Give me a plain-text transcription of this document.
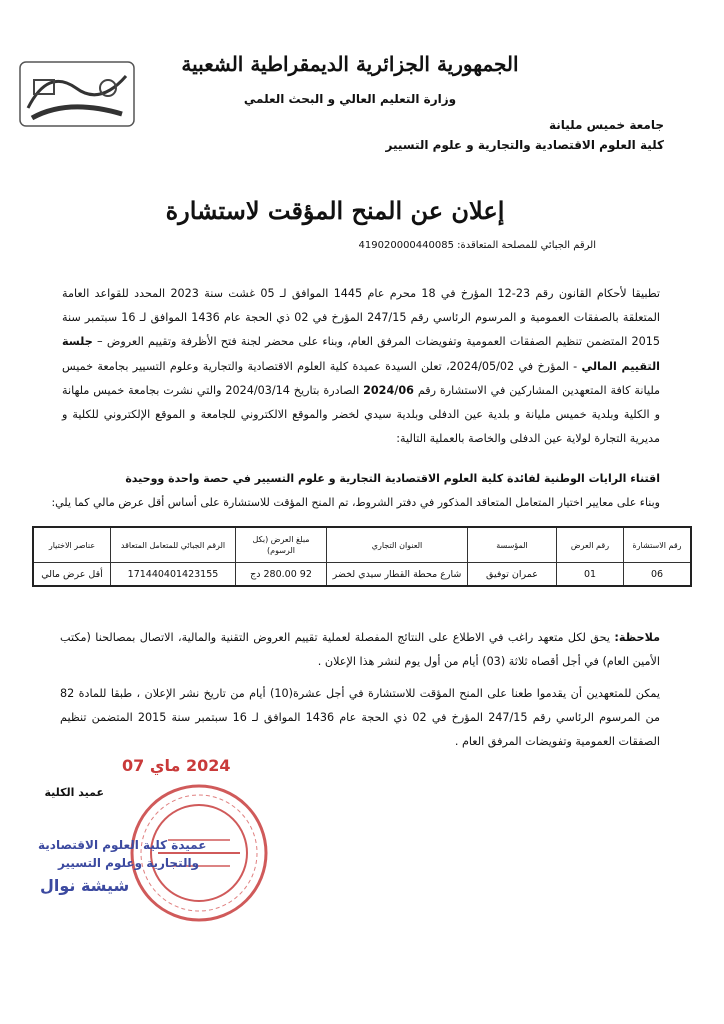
الجمهورية الجزائرية الديمقراطية الشعبية
وزارة التعليم العالي و البحث العلمي
جامعة خميس مليانة
كلية العلوم الاقتصادية والتجارية و علوم التسيير
إعلان عن المنح المؤقت لاستشارة
الرقم الجبائي للمصلحة المتعاقدة: 419020000440085
تطبيقا لأحكام القانون رقم 23-12 المؤرخ في 18 محرم عام 1445 الموافق لـ 05 غشت سنة 2023 المحدد للقواعد العامة المتعلقة بالصفقات العمومية و المرسوم الرئاسي رقم 247/15 المؤرخ في 02 ذي الحجة عام 1436 الموافق لـ 16 سبتمبر سنة 2015 المتضمن تنظيم الصفقات العمومية وتفويضات المرفق العام، وبناء على محضر لجنة فتح الأظرفة وتقييم العروض – جلسة التقييم المالي - المؤرخ في 2024/05/02، تعلن السيدة عميدة كلية العلوم الاقتصادية والتجارية وعلوم التسيير بجامعة خميس مليانة كافة المتعهدين المشاركين في الاستشارة رقم 2024/06 الصادرة بتاريخ 2024/03/14 والتي نشرت بجامعة خميس ملهانة و الكلية وبلدية خميس مليانة و بلدية عين الدفلى وبلدية سيدي لخضر والموقع الالكتروني للجامعة و الموقع الإلكتروني للكلية و مديرية التجارة لولاية عين الدفلى والخاصة بالعملية التالية:
اقتناء الرايات الوطنية لفائدة كلية العلوم الاقتصادية التجارية و علوم التسيير في حصة واحدة ووحيدة
وبناء على معايير اختيار المتعامل المتعاقد المذكور في دفتر الشروط، تم المنح المؤقت للاستشارة على أساس أقل عرض مالي كما يلي:
رقم الاستشارة	رقم العرض	المؤسسة	العنوان التجاري	مبلغ العرض (بكل الرسوم)	الرقم الجبائي للمتعامل المتعاقد	عناصر الاختيار
06	01	عمران توفيق	شارع محطة القطار سيدي لخضر	92 280.00 دج	171440401423155	أقل عرض مالي
ملاحظة: يحق لكل متعهد راغب في الاطلاع على النتائج المفصلة لعملية تقييم العروض التقنية والمالية، الاتصال بمصالحنا (مكتب الأمين العام) في أجل أقصاه ثلاثة (03) أيام من أول يوم لنشر هذا الإعلان .
يمكن للمتعهدين أن يقدموا طعنا على المنح المؤقت للاستشارة في أجل عشرة(10) أيام من تاريخ نشر الإعلان ، طبقا للمادة 82 من المرسوم الرئاسي رقم 247/15 المؤرخ في 02 ذي الحجة عام 1436 الموافق لـ 16 سبتمبر سنة 2015 المتضمن تنظيم الصفقات العمومية وتفويضات المرفق العام .
2024 ماي 07
عميد الكلية
عميدة كلية العلوم الاقتصادية
والتجارية وعلوم التسيير
شيشة نوال
